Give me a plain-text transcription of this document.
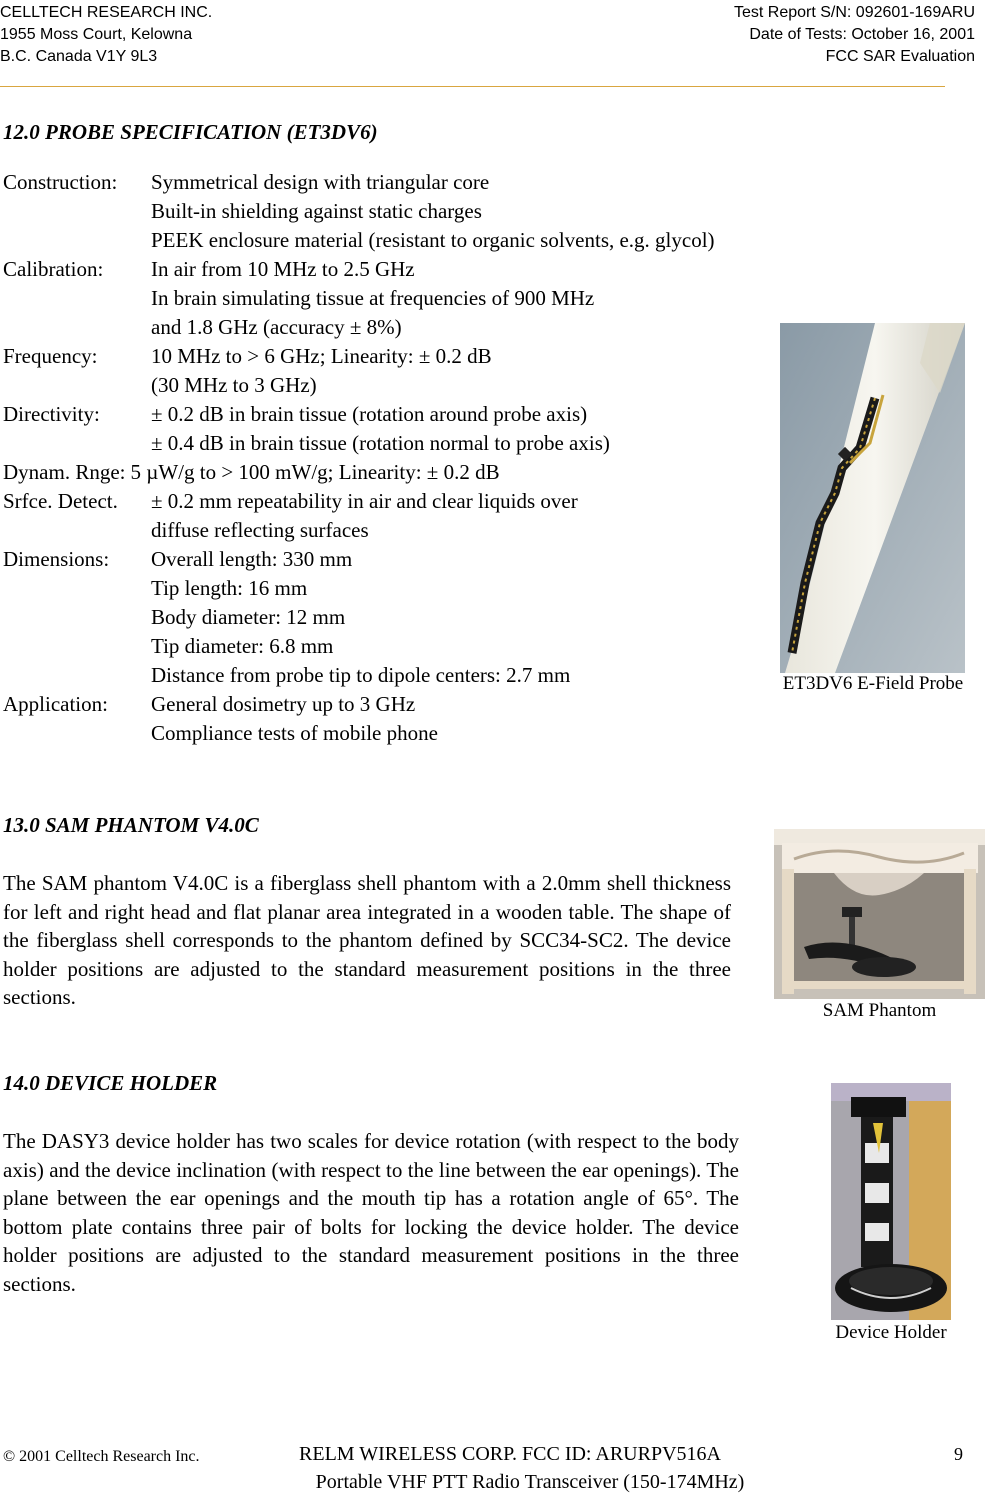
CELLTECH RESEARCH INC.
1955 Moss Court, Kelowna
B.C. Canada V1Y 9L3
Test Report S/N: 092601-169ARU
Date of Tests: October 16, 2001
FCC SAR Evaluation
12.0 PROBE SPECIFICATION (ET3DV6)
Construction:	Symmetrical design with triangular core
Built-in shielding against static charges
PEEK enclosure material (resistant to organic solvents, e.g. glycol)
Calibration:	In air from 10 MHz to 2.5 GHz
In brain simulating tissue at frequencies of 900 MHz
and 1.8 GHz (accuracy ± 8%)
Frequency:	10 MHz to > 6 GHz; Linearity: ± 0.2 dB
(30 MHz to 3 GHz)
Directivity:	± 0.2 dB in brain tissue (rotation around probe axis)
± 0.4 dB in brain tissue (rotation normal to probe axis)
Dynam. Rnge: 5 µW/g to > 100 mW/g; Linearity: ± 0.2 dB
Srfce. Detect.	± 0.2 mm repeatability in air and clear liquids over
diffuse reflecting surfaces
Dimensions:	Overall length: 330 mm
Tip length: 16 mm
Body diameter: 12 mm
Tip diameter: 6.8 mm
Distance from probe tip to dipole centers: 2.7 mm
Application:	General dosimetry up to 3 GHz
Compliance tests of mobile phone
ET3DV6 E-Field Probe
13.0 SAM PHANTOM V4.0C
The SAM phantom V4.0C is a fiberglass shell phantom with a 2.0mm shell thickness for left and right head and flat planar area integrated in a wooden table. The shape of the fiberglass shell corresponds to the phantom defined by SCC34-SC2. The device holder positions are adjusted to the standard measurement positions in the three sections.
SAM Phantom
14.0 DEVICE HOLDER
The DASY3 device holder has two scales for device rotation (with respect to the body axis) and the device inclination (with respect to the line between the ear openings). The plane between the ear openings and the mouth tip has a rotation angle of 65°. The bottom plate contains three pair of bolts for locking the device holder. The device holder positions are adjusted to the standard measurement positions in the three sections.
Device Holder
© 2001 Celltech Research Inc.	RELM WIRELESS CORP. FCC ID: ARURPV516A
Portable VHF PTT Radio Transceiver (150-174MHz)
9
